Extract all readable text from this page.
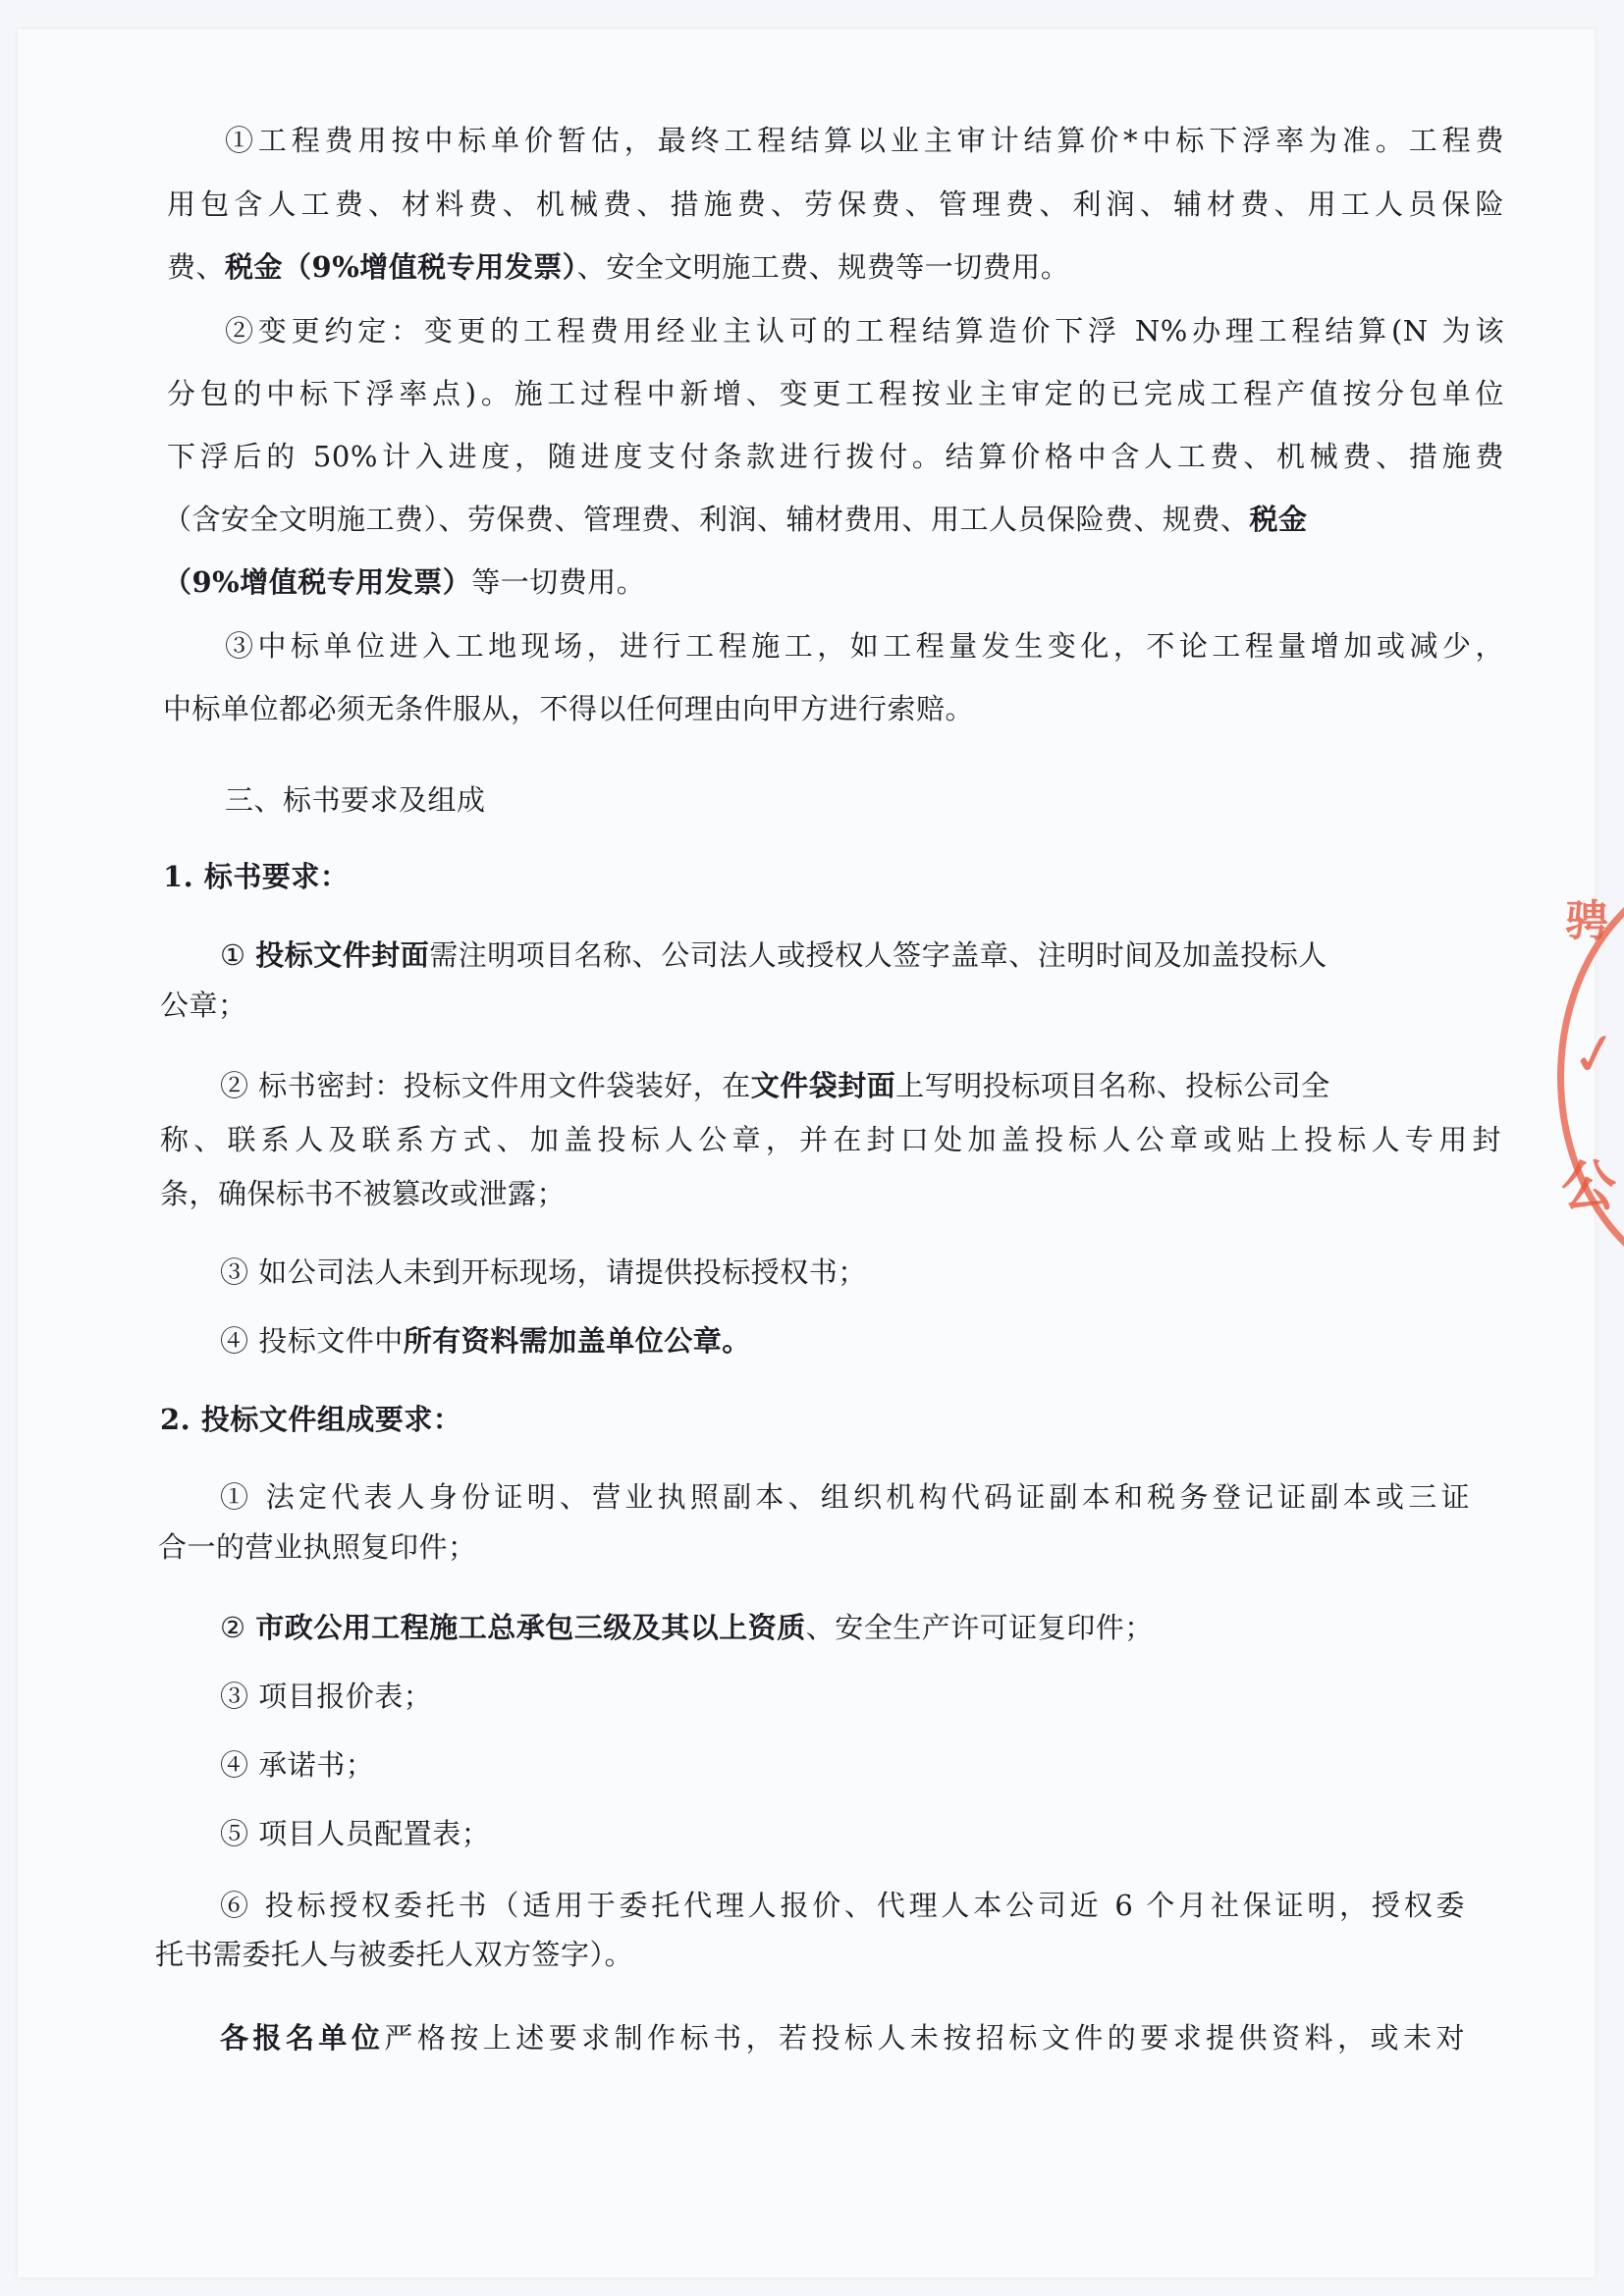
①工程费用按中标单价暂估，最终工程结算以业主审计结算价*中标下浮率为准。工程费
用包含人工费、材料费、机械费、措施费、劳保费、管理费、利润、辅材费、用工人员保险
费、税金（9%增值税专用发票）、安全文明施工费、规费等一切费用。
②变更约定：变更的工程费用经业主认可的工程结算造价下浮 N%办理工程结算(N 为该
分包的中标下浮率点)。施工过程中新增、变更工程按业主审定的已完成工程产值按分包单位
下浮后的 50%计入进度，随进度支付条款进行拨付。结算价格中含人工费、机械费、措施费
（含安全文明施工费）、劳保费、管理费、利润、辅材费用、用工人员保险费、规费、税金
（9%增值税专用发票）等一切费用。
③中标单位进入工地现场，进行工程施工，如工程量发生变化，不论工程量增加或减少，
中标单位都必须无条件服从，不得以任何理由向甲方进行索赔。
三、标书要求及组成
1. 标书要求：
① 投标文件封面需注明项目名称、公司法人或授权人签字盖章、注明时间及加盖投标人
公章；
② 标书密封：投标文件用文件袋装好，在文件袋封面上写明投标项目名称、投标公司全
称、联系人及联系方式、加盖投标人公章，并在封口处加盖投标人公章或贴上投标人专用封
条，确保标书不被篡改或泄露；
③ 如公司法人未到开标现场，请提供投标授权书；
④ 投标文件中所有资料需加盖单位公章。
2. 投标文件组成要求：
① 法定代表人身份证明、营业执照副本、组织机构代码证副本和税务登记证副本或三证
合一的营业执照复印件；
② 市政公用工程施工总承包三级及其以上资质、安全生产许可证复印件；
③ 项目报价表；
④ 承诺书；
⑤ 项目人员配置表；
⑥ 投标授权委托书（适用于委托代理人报价、代理人本公司近 6 个月社保证明，授权委
托书需委托人与被委托人双方签字）。
各报名单位严格按上述要求制作标书，若投标人未按招标文件的要求提供资料，或未对
骋
✓
公
